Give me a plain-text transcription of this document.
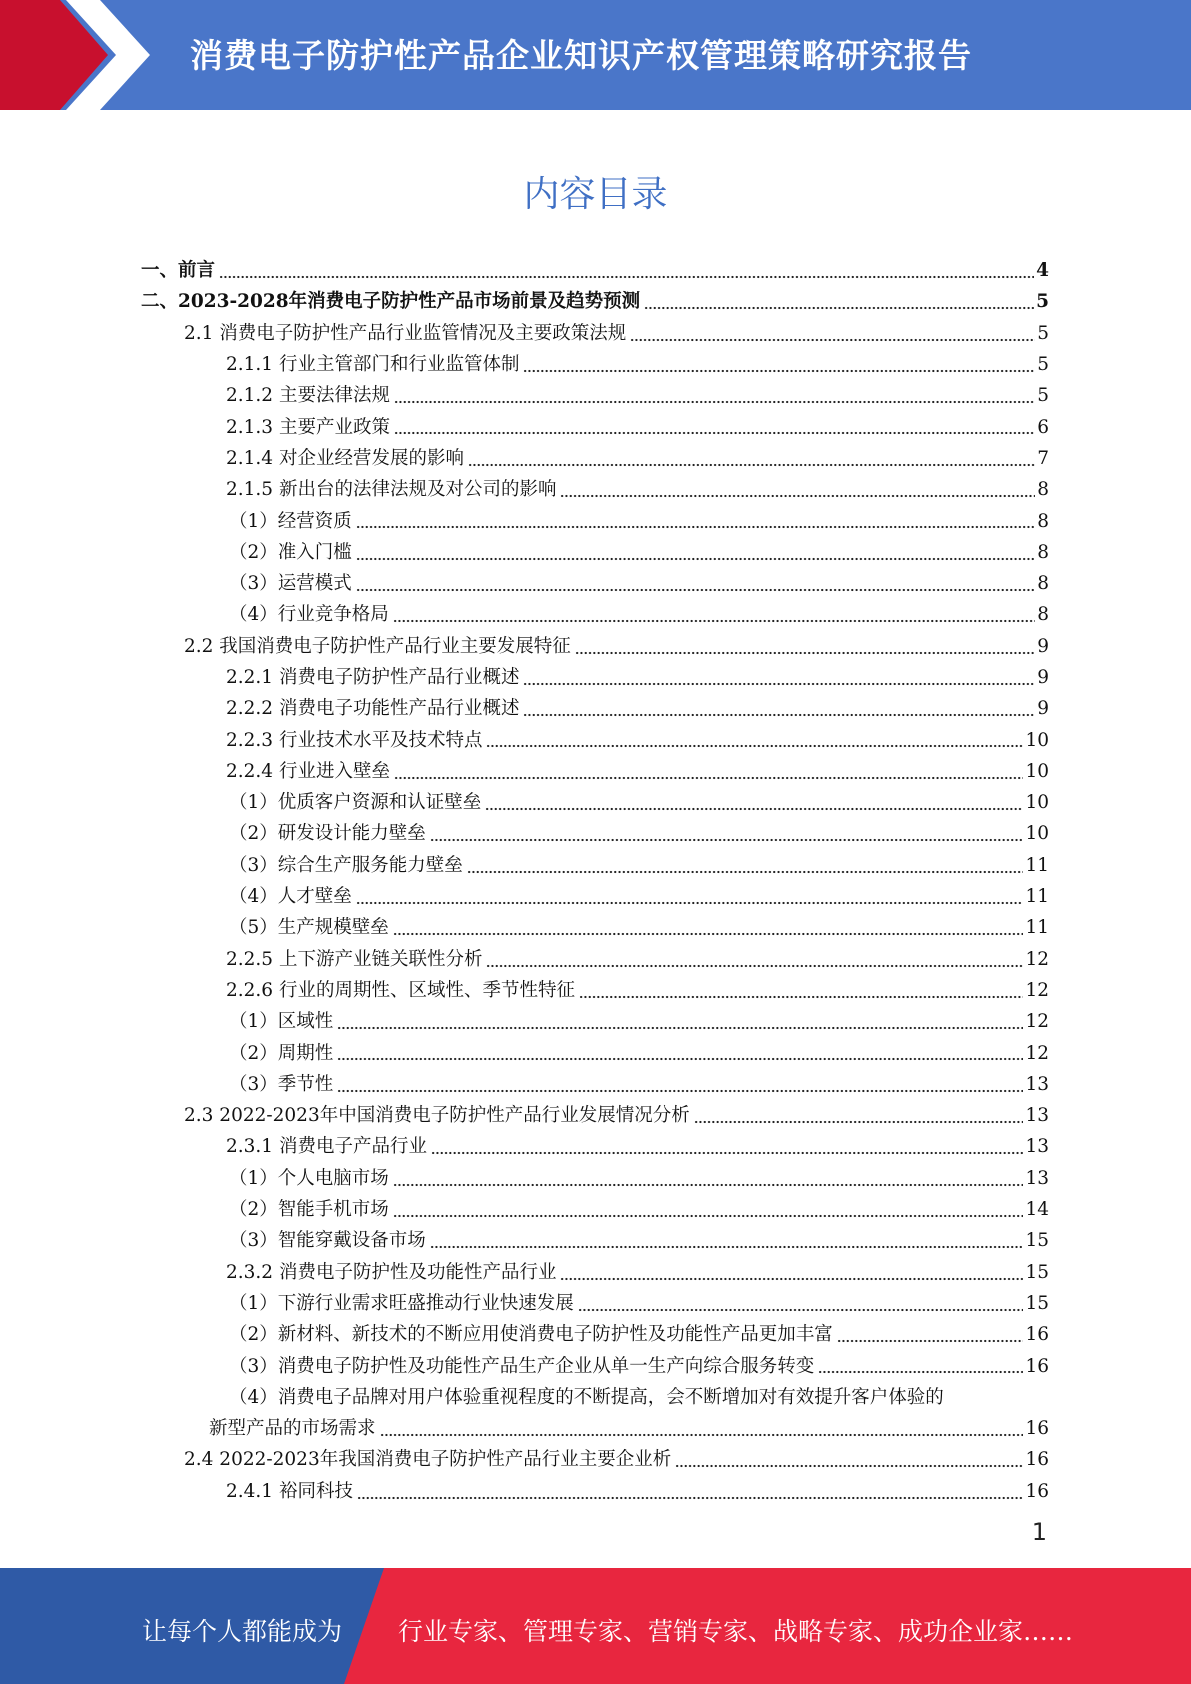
消费电子防护性产品企业知识产权管理策略研究报告
内容目录
一、前言	4
二、2023-2028年消费电子防护性产品市场前景及趋势预测	5
2.1 消费电子防护性产品行业监管情况及主要政策法规	5
2.1.1 行业主管部门和行业监管体制	5
2.1.2 主要法律法规	5
2.1.3 主要产业政策	6
2.1.4 对企业经营发展的影响	7
2.1.5 新出台的法律法规及对公司的影响	8
（1）经营资质	8
（2）准入门槛	8
（3）运营模式	8
（4）行业竞争格局	8
2.2 我国消费电子防护性产品行业主要发展特征	9
2.2.1 消费电子防护性产品行业概述	9
2.2.2 消费电子功能性产品行业概述	9
2.2.3 行业技术水平及技术特点	10
2.2.4 行业进入壁垒	10
（1）优质客户资源和认证壁垒	10
（2）研发设计能力壁垒	10
（3）综合生产服务能力壁垒	11
（4）人才壁垒	11
（5）生产规模壁垒	11
2.2.5 上下游产业链关联性分析	12
2.2.6 行业的周期性、区域性、季节性特征	12
（1）区域性	12
（2）周期性	12
（3）季节性	13
2.3 2022-2023年中国消费电子防护性产品行业发展情况分析	13
2.3.1 消费电子产品行业	13
（1）个人电脑市场	13
（2）智能手机市场	14
（3）智能穿戴设备市场	15
2.3.2 消费电子防护性及功能性产品行业	15
（1）下游行业需求旺盛推动行业快速发展	15
（2）新材料、新技术的不断应用使消费电子防护性及功能性产品更加丰富	16
（3）消费电子防护性及功能性产品生产企业从单一生产向综合服务转变	16
（4）消费电子品牌对用户体验重视程度的不断提高，会不断增加对有效提升客户体验的
新型产品的市场需求	16
2.4 2022-2023年我国消费电子防护性产品行业主要企业析	16
2.4.1 裕同科技	16
1
让每个人都能成为 行业专家、管理专家、营销专家、战略专家、成功企业家……
